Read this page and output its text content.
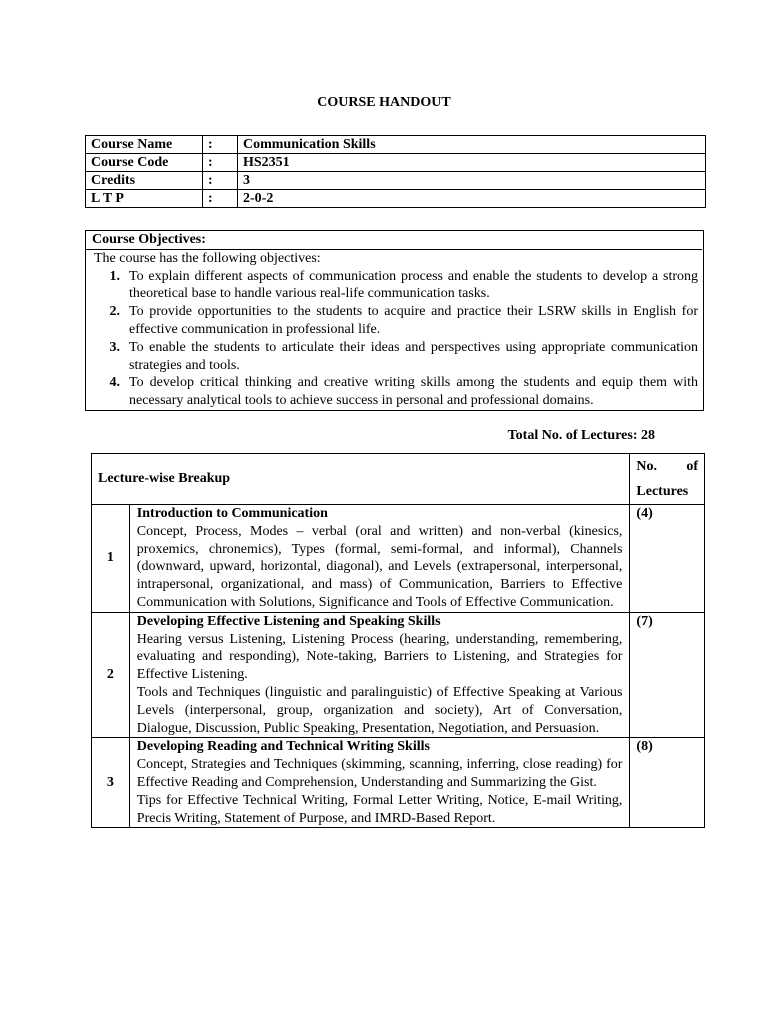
COURSE HANDOUT
Course Name	:	Communication Skills
Course Code	:	HS2351
Credits	:	3
L T P	:	2-0-2
Course Objectives:
The course has the following objectives:
1. To explain different aspects of communication process and enable the students to develop a strong theoretical base to handle various real-life communication tasks.
2. To provide opportunities to the students to acquire and practice their LSRW skills in English for effective communication in professional life.
3. To enable the students to articulate their ideas and perspectives using appropriate communication strategies and tools.
4. To develop critical thinking and creative writing skills among the students and equip them with necessary analytical tools to achieve success in personal and professional domains.
Total No. of Lectures: 28
Lecture-wise Breakup		No. of Lectures
1	Introduction to Communication
Concept, Process, Modes – verbal (oral and written) and non-verbal (kinesics, proxemics, chronemics), Types (formal, semi-formal, and informal), Channels (downward, upward, horizontal, diagonal), and Levels (extrapersonal, interpersonal, intrapersonal, organizational, and mass) of Communication, Barriers to Effective Communication with Solutions, Significance and Tools of Effective Communication.	(4)
2	Developing Effective Listening and Speaking Skills
Hearing versus Listening, Listening Process (hearing, understanding, remembering, evaluating and responding), Note-taking, Barriers to Listening, and Strategies for Effective Listening.
Tools and Techniques (linguistic and paralinguistic) of Effective Speaking at Various Levels (interpersonal, group, organization and society), Art of Conversation, Dialogue, Discussion, Public Speaking, Presentation, Negotiation, and Persuasion.	(7)
3	Developing Reading and Technical Writing Skills
Concept, Strategies and Techniques (skimming, scanning, inferring, close reading) for Effective Reading and Comprehension, Understanding and Summarizing the Gist.
Tips for Effective Technical Writing, Formal Letter Writing, Notice, E-mail Writing, Precis Writing, Statement of Purpose, and IMRD-Based Report.	(8)
